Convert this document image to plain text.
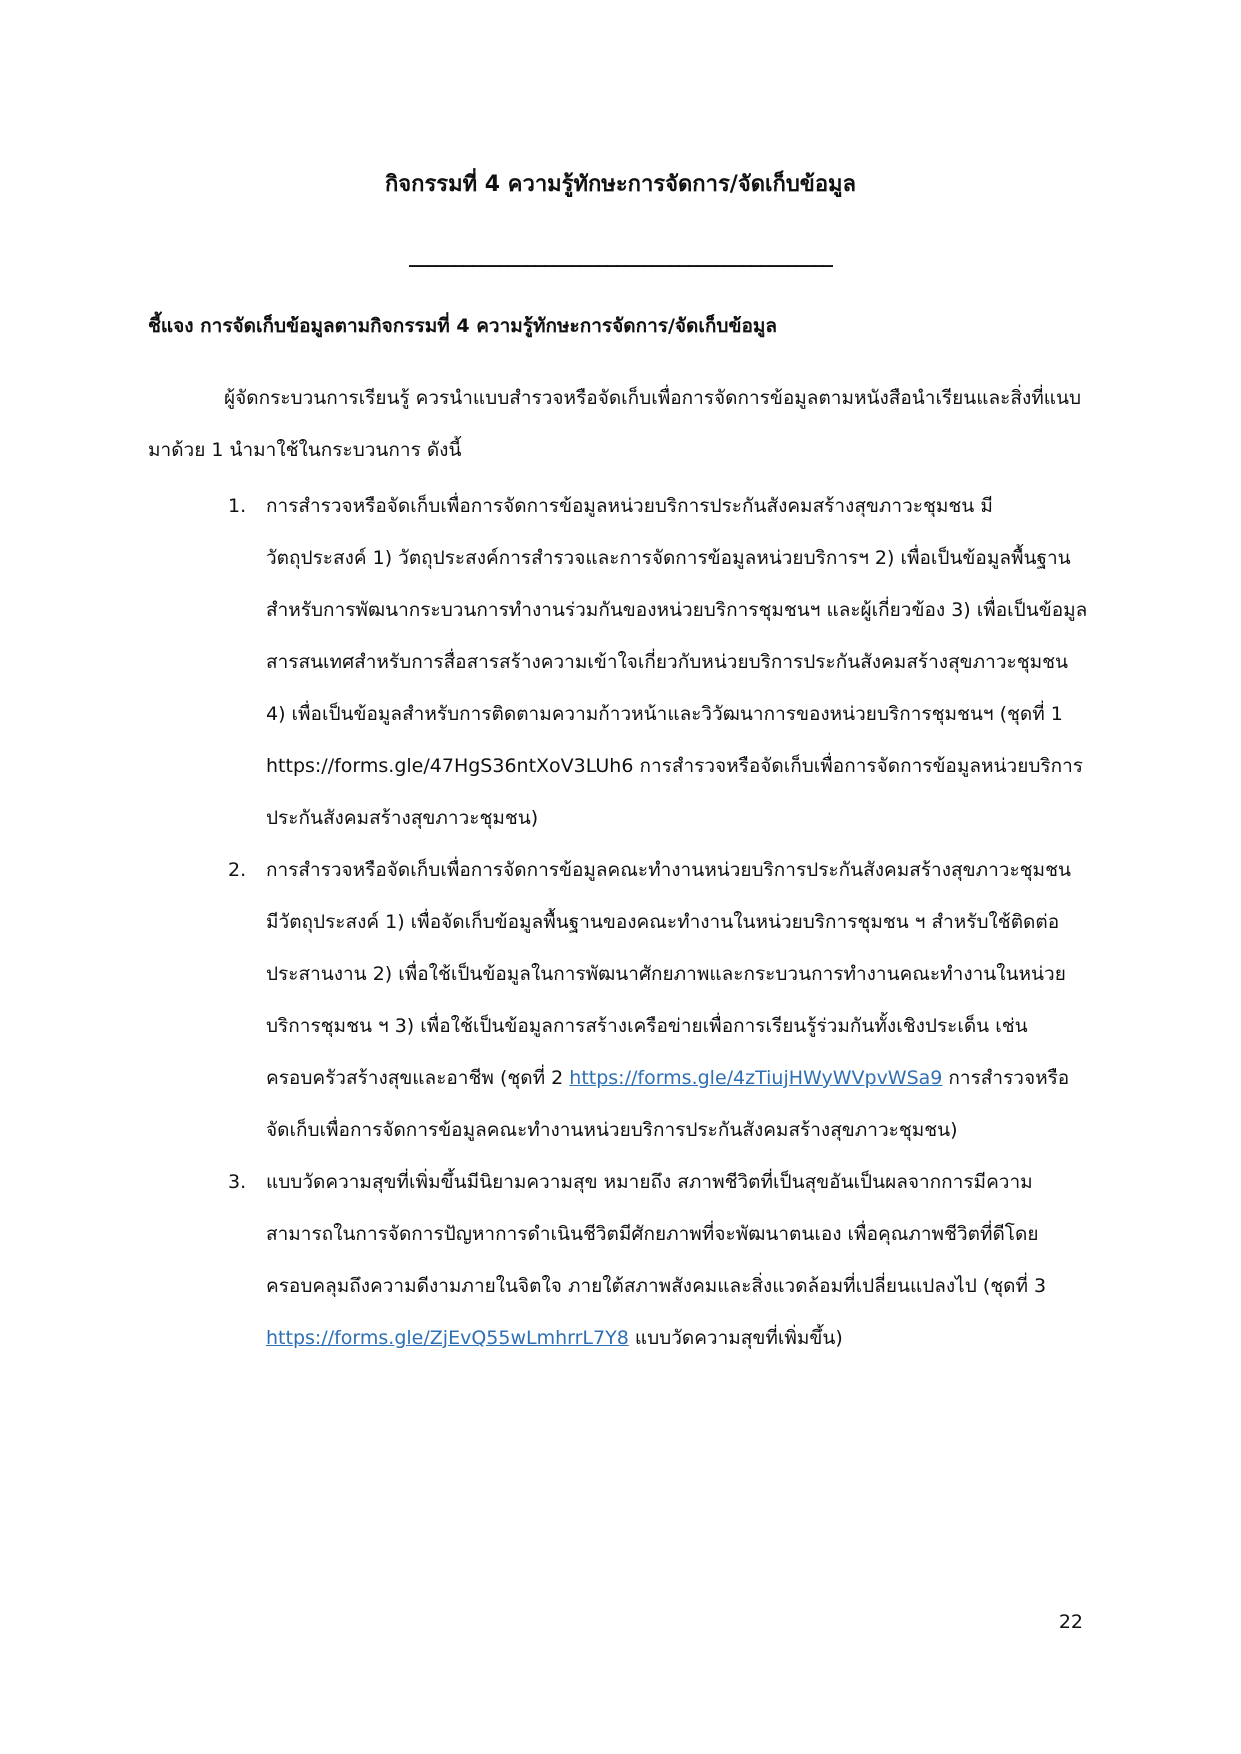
กิจกรรมที่ 4 ความรู้ทักษะการจัดการ/จัดเก็บข้อมูล
_______________________________________________
ชี้แจง การจัดเก็บข้อมูลตามกิจกรรมที่ 4 ความรู้ทักษะการจัดการ/จัดเก็บข้อมูล
ผู้จัดกระบวนการเรียนรู้ ควรนำแบบสำรวจหรือจัดเก็บเพื่อการจัดการข้อมูลตามหนังสือนำเรียนและสิ่งที่แนบมาด้วย 1 นำมาใช้ในกระบวนการ ดังนี้
1. การสำรวจหรือจัดเก็บเพื่อการจัดการข้อมูลหน่วยบริการประกันสังคมสร้างสุขภาวะชุมชน มีวัตถุประสงค์ 1) วัตถุประสงค์การสำรวจและการจัดการข้อมูลหน่วยบริการฯ 2) เพื่อเป็นข้อมูลพื้นฐานสำหรับการพัฒนากระบวนการทำงานร่วมกันของหน่วยบริการชุมชนฯ และผู้เกี่ยวข้อง 3) เพื่อเป็นข้อมูลสารสนเทศสำหรับการสื่อสารสร้างความเข้าใจเกี่ยวกับหน่วยบริการประกันสังคมสร้างสุขภาวะชุมชน 4) เพื่อเป็นข้อมูลสำหรับการติดตามความก้าวหน้าและวิวัฒนาการของหน่วยบริการชุมชนฯ (ชุดที่ 1 https://forms.gle/47HgS36ntXoV3LUh6 การสำรวจหรือจัดเก็บเพื่อการจัดการข้อมูลหน่วยบริการประกันสังคมสร้างสุขภาวะชุมชน)
2. การสำรวจหรือจัดเก็บเพื่อการจัดการข้อมูลคณะทำงานหน่วยบริการประกันสังคมสร้างสุขภาวะชุมชน มีวัตถุประสงค์ 1) เพื่อจัดเก็บข้อมูลพื้นฐานของคณะทำงานในหน่วยบริการชุมชน ฯ สำหรับใช้ติดต่อประสานงาน 2) เพื่อใช้เป็นข้อมูลในการพัฒนาศักยภาพและกระบวนการทำงานคณะทำงานในหน่วยบริการชุมชน ฯ 3) เพื่อใช้เป็นข้อมูลการสร้างเครือข่ายเพื่อการเรียนรู้ร่วมกันทั้งเชิงประเด็น เช่น ครอบครัวสร้างสุขและอาชีพ (ชุดที่ 2 https://forms.gle/4zTiujHWyWVpvWSa9 การสำรวจหรือจัดเก็บเพื่อการจัดการข้อมูลคณะทำงานหน่วยบริการประกันสังคมสร้างสุขภาวะชุมชน)
3. แบบวัดความสุขที่เพิ่มขึ้นมีนิยามความสุข หมายถึง สภาพชีวิตที่เป็นสุขอันเป็นผลจากการมีความสามารถในการจัดการปัญหาการดำเนินชีวิตมีศักยภาพที่จะพัฒนาตนเอง เพื่อคุณภาพชีวิตที่ดีโดยครอบคลุมถึงความดีงามภายในจิตใจ ภายใต้สภาพสังคมและสิ่งแวดล้อมที่เปลี่ยนแปลงไป (ชุดที่ 3 https://forms.gle/ZjEvQ55wLmhrrL7Y8 แบบวัดความสุขที่เพิ่มขึ้น)
22
